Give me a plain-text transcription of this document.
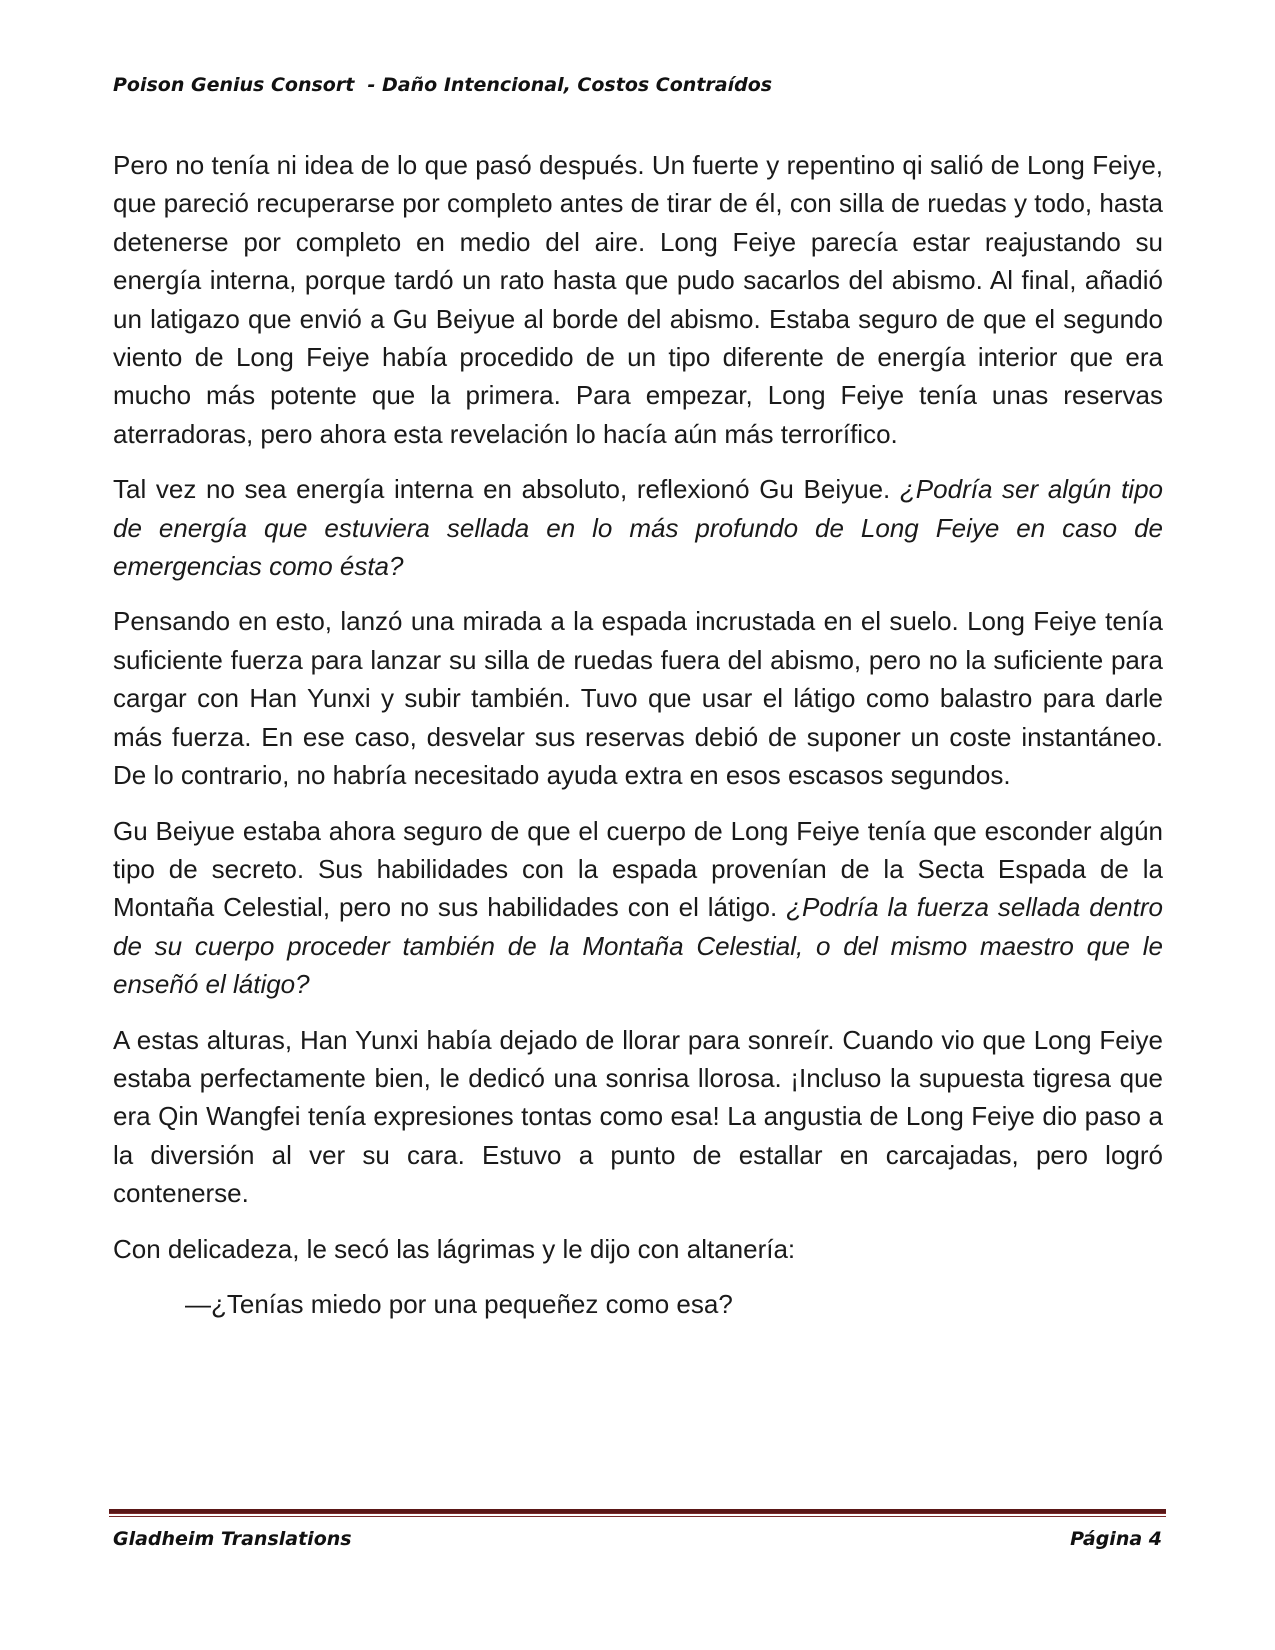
Poison Genius Consort  - Daño Intencional, Costos Contraídos

Pero no tenía ni idea de lo que pasó después. Un fuerte y repentino qi salió de Long Feiye, que pareció recuperarse por completo antes de tirar de él, con silla de ruedas y todo, hasta detenerse por completo en medio del aire. Long Feiye parecía estar reajustando su energía interna, porque tardó un rato hasta que pudo sacarlos del abismo. Al final, añadió un latigazo que envió a Gu Beiyue al borde del abismo. Estaba seguro de que el segundo viento de Long Feiye había procedido de un tipo diferente de energía interior que era mucho más potente que la primera. Para empezar, Long Feiye tenía unas reservas aterradoras, pero ahora esta revelación lo hacía aún más terrorífico.

Tal vez no sea energía interna en absoluto, reflexionó Gu Beiyue. ¿Podría ser algún tipo de energía que estuviera sellada en lo más profundo de Long Feiye en caso de emergencias como ésta?

Pensando en esto, lanzó una mirada a la espada incrustada en el suelo. Long Feiye tenía suficiente fuerza para lanzar su silla de ruedas fuera del abismo, pero no la suficiente para cargar con Han Yunxi y subir también. Tuvo que usar el látigo como balastro para darle más fuerza. En ese caso, desvelar sus reservas debió de suponer un coste instantáneo. De lo contrario, no habría necesitado ayuda extra en esos escasos segundos.

Gu Beiyue estaba ahora seguro de que el cuerpo de Long Feiye tenía que esconder algún tipo de secreto. Sus habilidades con la espada provenían de la Secta Espada de la Montaña Celestial, pero no sus habilidades con el látigo. ¿Podría la fuerza sellada dentro de su cuerpo proceder también de la Montaña Celestial, o del mismo maestro que le enseñó el látigo?

A estas alturas, Han Yunxi había dejado de llorar para sonreír. Cuando vio que Long Feiye estaba perfectamente bien, le dedicó una sonrisa llorosa. ¡Incluso la supuesta tigresa que era Qin Wangfei tenía expresiones tontas como esa! La angustia de Long Feiye dio paso a la diversión al ver su cara. Estuvo a punto de estallar en carcajadas, pero logró contenerse.

Con delicadeza, le secó las lágrimas y le dijo con altanería:

—¿Tenías miedo por una pequeñez como esa?

Gladheim Translations	Página 4
